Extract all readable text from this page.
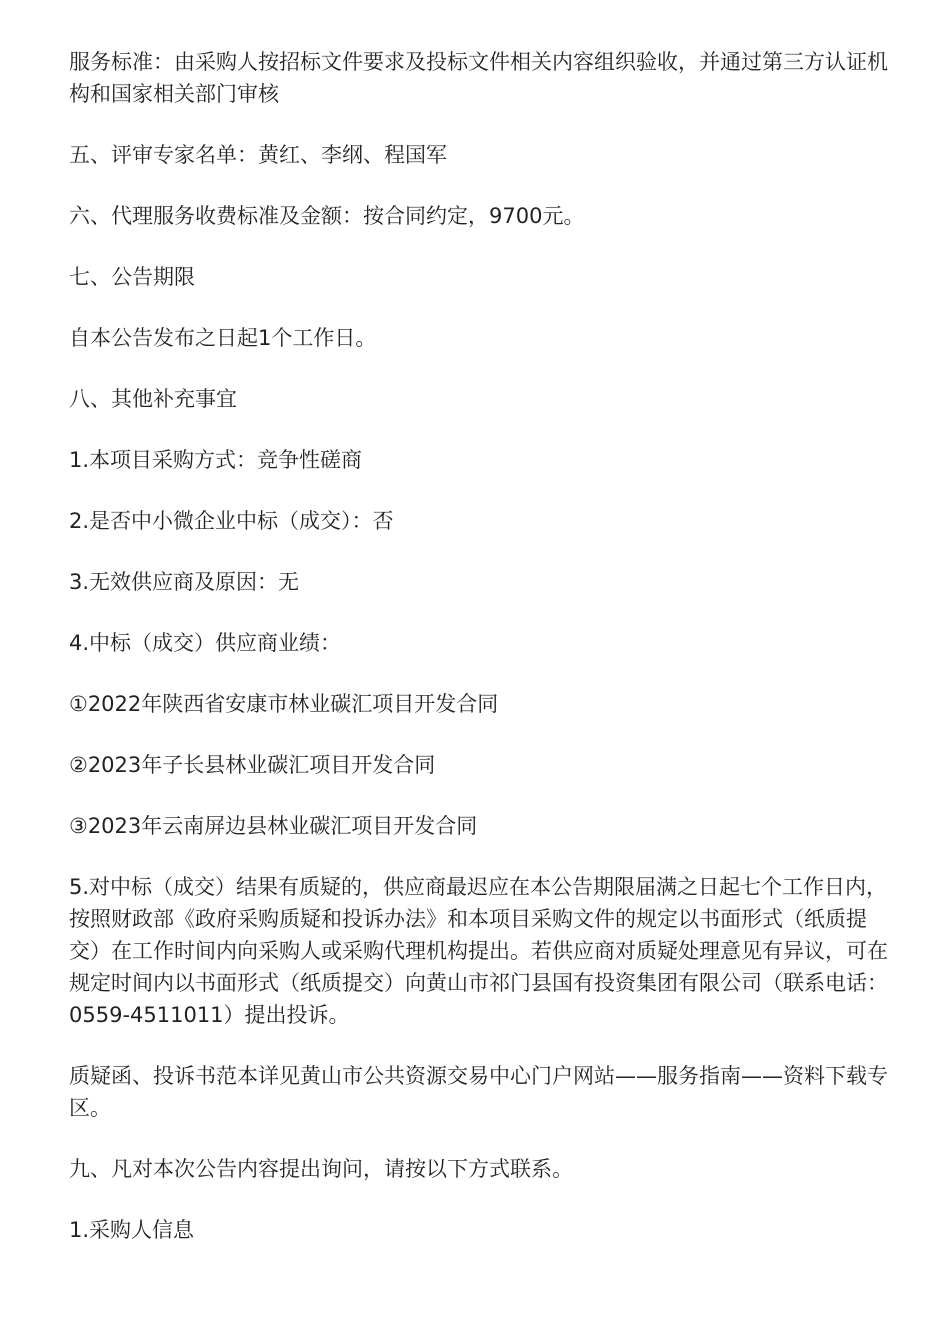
服务标准：由采购人按招标文件要求及投标文件相关内容组织验收，并通过第三方认证机构和国家相关部门审核

五、评审专家名单：黄红、李纲、程国军

六、代理服务收费标准及金额：按合同约定，9700元。

七、公告期限

自本公告发布之日起1个工作日。

八、其他补充事宜

1.本项目采购方式：竞争性磋商

2.是否中小微企业中标（成交）：否

3.无效供应商及原因：无

4.中标（成交）供应商业绩：

①2022年陕西省安康市林业碳汇项目开发合同

②2023年子长县林业碳汇项目开发合同

③2023年云南屏边县林业碳汇项目开发合同

5.对中标（成交）结果有质疑的，供应商最迟应在本公告期限届满之日起七个工作日内，按照财政部《政府采购质疑和投诉办法》和本项目采购文件的规定以书面形式（纸质提交）在工作时间内向采购人或采购代理机构提出。若供应商对质疑处理意见有异议，可在规定时间内以书面形式（纸质提交）向黄山市祁门县国有投资集团有限公司（联系电话：0559-4511011）提出投诉。

质疑函、投诉书范本详见黄山市公共资源交易中心门户网站——服务指南——资料下载专区。

九、凡对本次公告内容提出询问，请按以下方式联系。

1.采购人信息
